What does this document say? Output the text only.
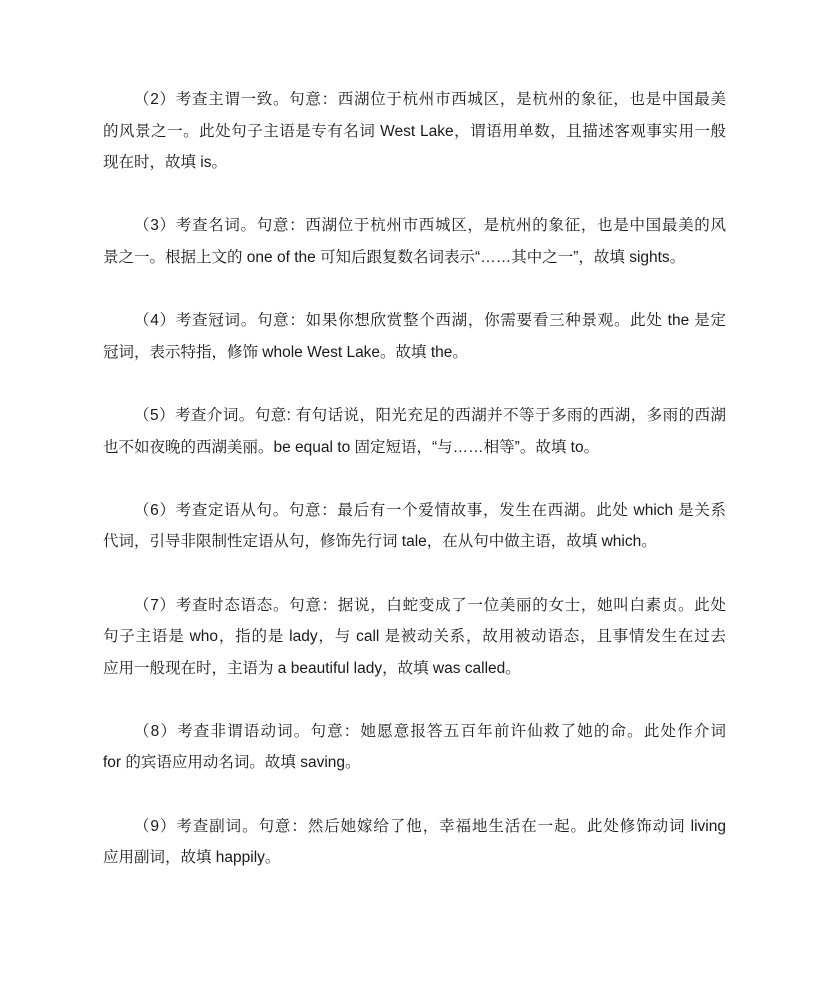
（2）考查主谓一致。句意：西湖位于杭州市西城区，是杭州的象征，也是中国最美
的风景之一。此处句子主语是专有名词 West Lake，谓语用单数，且描述客观事实用一般
现在时，故填 is。
（3）考查名词。句意：西湖位于杭州市西城区，是杭州的象征，也是中国最美的风
景之一。根据上文的 one of the 可知后跟复数名词表示“……其中之一”，故填 sights。
（4）考查冠词。句意：如果你想欣赏整个西湖，你需要看三种景观。此处 the 是定
冠词，表示特指，修饰 whole West Lake。故填 the。
（5）考查介词。句意: 有句话说，阳光充足的西湖并不等于多雨的西湖，多雨的西湖
也不如夜晚的西湖美丽。be equal to 固定短语，“与……相等”。故填 to。
（6）考查定语从句。句意：最后有一个爱情故事，发生在西湖。此处 which 是关系
代词，引导非限制性定语从句，修饰先行词 tale，在从句中做主语，故填 which。
（7）考查时态语态。句意：据说，白蛇变成了一位美丽的女士，她叫白素贞。此处
句子主语是 who，指的是 lady，与 call 是被动关系，故用被动语态，且事情发生在过去
应用一般现在时，主语为 a beautiful lady，故填 was called。
（8）考查非谓语动词。句意：她愿意报答五百年前许仙救了她的命。此处作介词
for 的宾语应用动名词。故填 saving。
（9）考查副词。句意：然后她嫁给了他，幸福地生活在一起。此处修饰动词 living
应用副词，故填 happily。
